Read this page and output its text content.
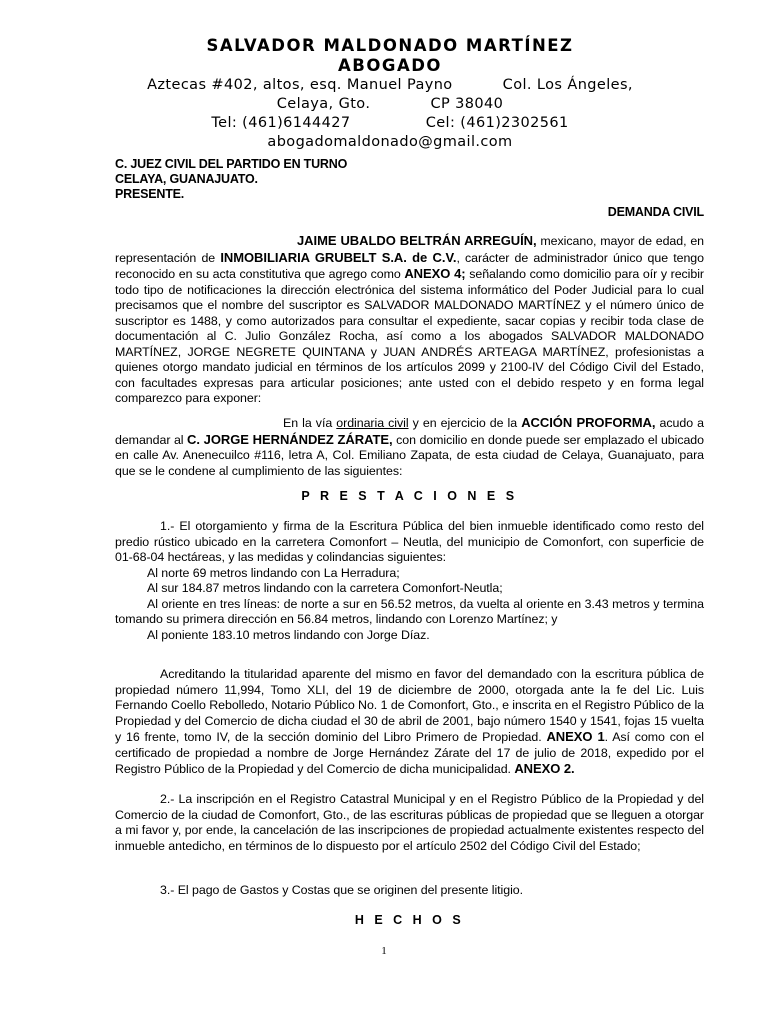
SALVADOR MALDONADO MARTÍNEZ
ABOGADO
Aztecas #402, altos, esq. Manuel Payno	Col. Los Ángeles,
Celaya, Gto.	CP 38040
Tel: (461)6144427	Cel: (461)2302561
abogadomaldonado@gmail.com
C. JUEZ CIVIL DEL PARTIDO EN TURNO
CELAYA, GUANAJUATO.
PRESENTE.
DEMANDA CIVIL

JAIME UBALDO BELTRÁN ARREGUÍN, mexicano, mayor de edad, en representación de INMOBILIARIA GRUBELT S.A. de C.V., carácter de administrador único que tengo reconocido en su acta constitutiva que agrego como ANEXO 4; señalando como domicilio para oír y recibir todo tipo de notificaciones la dirección electrónica del sistema informático del Poder Judicial para lo cual precisamos que el nombre del suscriptor es SALVADOR MALDONADO MARTÍNEZ y el número único de suscriptor es 1488, y como autorizados para consultar el expediente, sacar copias y recibir toda clase de documentación al C. Julio González Rocha, así como a los abogados SALVADOR MALDONADO MARTÍNEZ, JORGE NEGRETE QUINTANA y JUAN ANDRÉS ARTEAGA MARTÍNEZ, profesionistas a quienes otorgo mandato judicial en términos de los artículos 2099 y 2100-IV del Código Civil del Estado, con facultades expresas para articular posiciones; ante usted con el debido respeto y en forma legal comparezco para exponer:

En la vía ordinaria civil y en ejercicio de la ACCIÓN PROFORMA, acudo a demandar al C. JORGE HERNÁNDEZ ZÁRATE, con domicilio en donde puede ser emplazado el ubicado en calle Av. Anenecuilco #116, letra A, Col. Emiliano Zapata, de esta ciudad de Celaya, Guanajuato, para que se le condene al cumplimiento de las siguientes:

P R E S T A C I O N E S

1.- El otorgamiento y firma de la Escritura Pública del bien inmueble identificado como resto del predio rústico ubicado en la carretera Comonfort – Neutla, del municipio de Comonfort, con superficie de 01-68-04 hectáreas, y las medidas y colindancias siguientes:

Al norte 69 metros lindando con La Herradura;

Al sur 184.87 metros lindando con la carretera Comonfort-Neutla;

Al oriente en tres líneas: de norte a sur en 56.52 metros, da vuelta al oriente en 3.43 metros y termina tomando su primera dirección en 56.84 metros, lindando con Lorenzo Martínez; y

Al poniente 183.10 metros lindando con Jorge Díaz.

Acreditando la titularidad aparente del mismo en favor del demandado con la escritura pública de propiedad número 11,994, Tomo XLI, del 19 de diciembre de 2000, otorgada ante la fe del Lic. Luis Fernando Coello Rebolledo, Notario Público No. 1 de Comonfort, Gto., e inscrita en el Registro Público de la Propiedad y del Comercio de dicha ciudad el 30 de abril de 2001, bajo número 1540 y 1541, fojas 15 vuelta y 16 frente, tomo IV, de la sección dominio del Libro Primero de Propiedad. ANEXO 1. Así como con el certificado de propiedad a nombre de Jorge Hernández Zárate del 17 de julio de 2018, expedido por el Registro Público de la Propiedad y del Comercio de dicha municipalidad. ANEXO 2.

2.- La inscripción en el Registro Catastral Municipal y en el Registro Público de la Propiedad y del Comercio de la ciudad de Comonfort, Gto., de las escrituras públicas de propiedad que se lleguen a otorgar a mi favor y, por ende, la cancelación de las inscripciones de propiedad actualmente existentes respecto del inmueble antedicho, en términos de lo dispuesto por el artículo 2502 del Código Civil del Estado;

3.- El pago de Gastos y Costas que se originen del presente litigio.

H E C H O S
1
